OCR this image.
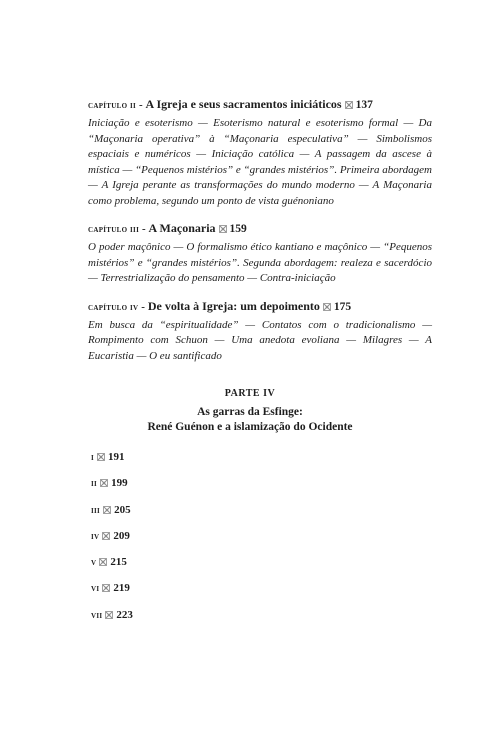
capítulo ii - A Igreja e seus sacramentos iniciáticos 137
Iniciação e esoterismo — Esoterismo natural e esoterismo formal — Da “Maçonaria operativa” à “Maçonaria especulativa” — Simbolismos espaciais e numéricos — Iniciação católica — A passagem da ascese à mística — “Pequenos mistérios” e “grandes mistérios”. Primeira abordagem — A Igreja perante as transformações do mundo moderno — A Maçonaria como problema, segundo um ponto de vista guénoniano
capítulo iii - A Maçonaria 159
O poder maçônico — O formalismo ético kantiano e maçônico — “Pequenos mistérios” e “grandes mistérios”. Segunda abordagem: realeza e sacerdócio — Terrestrialização do pensamento — Contra-iniciação
capítulo iv - De volta à Igreja: um depoimento 175
Em busca da “espiritualidade” — Contatos com o tradicionalismo — Rompimento com Schuon — Uma anedota evoliana — Milagres — A Eucaristia — O eu santificado
PARTE IV
As garras da Esfinge:
René Guénon e a islamização do Ocidente
i 191
ii 199
iii 205
iv 209
v 215
vi 219
vii 223
